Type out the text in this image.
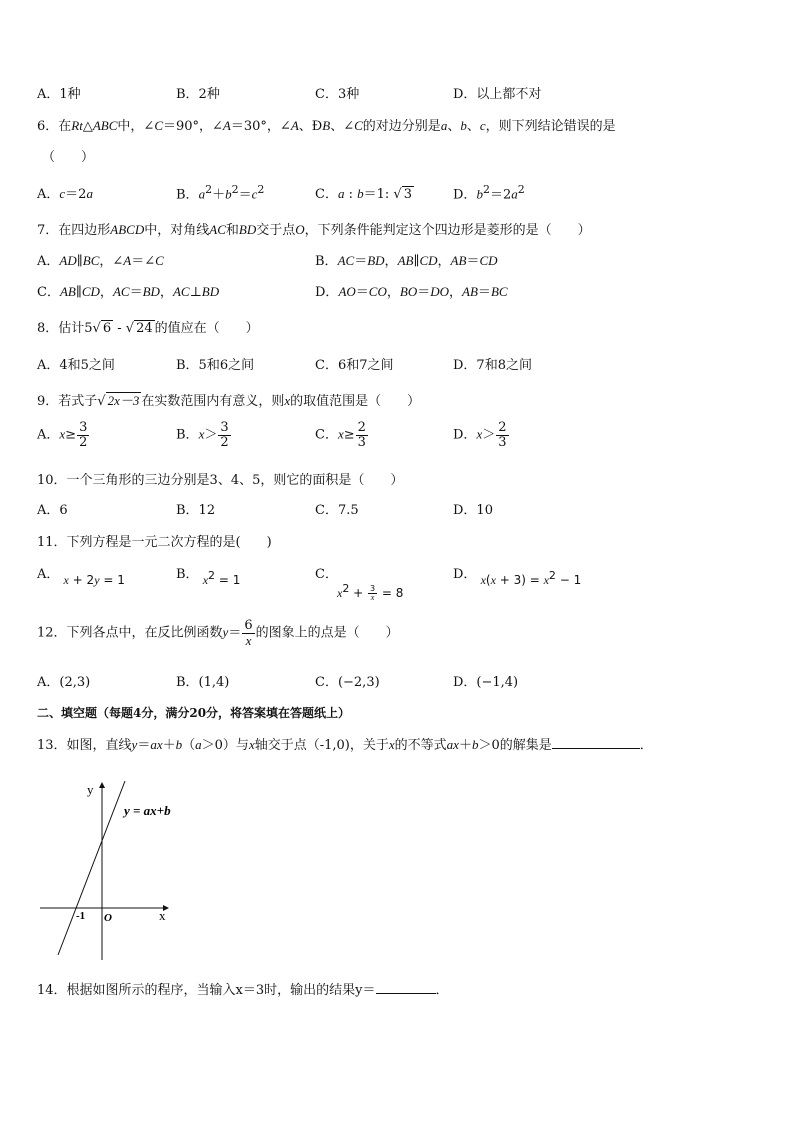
A．1种	B．2种	C．3种	D．以上都不对
6．在Rt△ABC中，∠C＝90°，∠A＝30°，∠A、ÐB、∠C的对边分别是a、b、c，则下列结论错误的是
（　　）
A．c＝2a	B．$a^2+b^2=c^2$	C．a : b＝1: √ 3	D．$b^2=2a^2$
7．在四边形ABCD中，对角线AC和BD交于点O，下列条件能判定这个四边形是菱形的是（　　）
A．AD∥BC，∠A＝∠C	B．AC＝BD，AB∥CD，AB＝CD
C．AB∥CD，AC＝BD，AC⊥BD	D．AO＝CO，BO＝DO，AB＝BC
8．估计5√ 6 ‑ √ 24 的值应在（　　）
A．4和5之间	B．5和6之间	C．6和7之间	D．7和8之间
9．若式子√ 2x－3 在实数范围内有意义，则x的取值范围是（　　）
A．$x\ge \frac{3}{2}$	B．$x> \frac{3}{2}$	C．$x\ge \frac{2}{3}$	D．$x> \frac{2}{3}$
10．一个三角形的三边分别是3、4、5，则它的面积是（　　）
A．6	B．12	C．7.5	D．10
11．下列方程是一元二次方程的是(　　)
A． x + 2y = 1	B． $x^2 = 1$	C．
$x^2 + \frac{3}{x} = 8$
D． $x(x + 3) = x^2 - 1$
12．下列各点中，在反比例函数$y= \frac{6}{x}$ 的图象上的点是（　　）
A．(2,3)	B．(1,4)	C．(−2,3)	D．(−1,4)
二、填空题（每题4分，满分20分，将答案填在答题纸上）
13．如图，直线y＝ax＋b（a＞0）与x轴交于点（-1,0)，关于x的不等式ax＋b＞0的解集是	．
y
x
O
-1
y = ax+b
14．根据如图所示的程序，当输入x＝3时，输出的结果y＝	．
